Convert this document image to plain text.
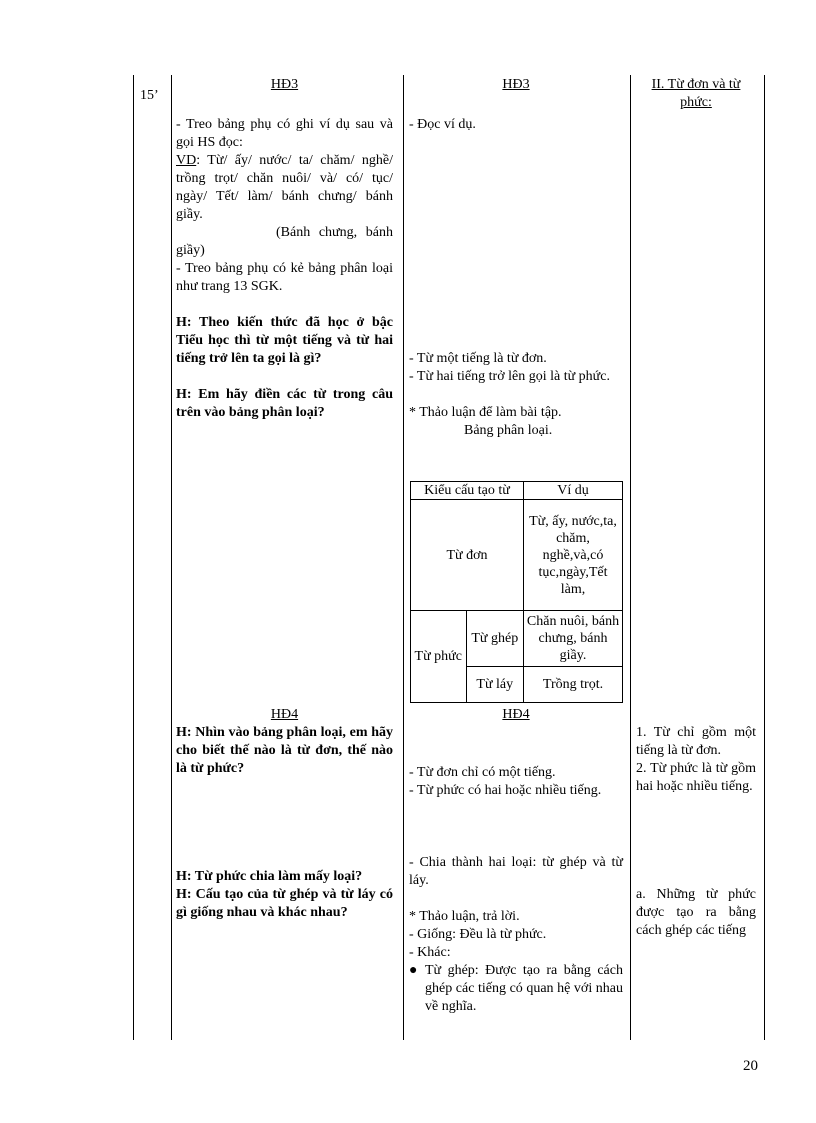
15’

HĐ3

- Treo bảng phụ có ghi ví dụ sau và gọi HS đọc:

VD: Từ/ ấy/ nước/ ta/ chăm/ nghề/ trồng trọt/ chăn nuôi/ và/ có/ tục/ ngày/ Tết/ làm/ bánh chưng/ bánh giầy.

(Bánh chưng, bánh giầy)

- Treo bảng phụ có kẻ bảng phân loại như trang 13 SGK.

H: Theo kiến thức đã học ở bậc Tiểu học thì từ một tiếng và từ hai tiếng trở lên ta gọi là gì?

H: Em hãy điền các từ trong câu trên vào bảng phân loại?

HĐ4

H: Nhìn vào bảng phân loại, em hãy cho biết thế nào là từ đơn, thế nào là từ phức?

H: Từ phức chia làm mấy loại?

H: Cấu tạo của từ ghép và từ láy có gì giống nhau và khác nhau?

HĐ3

- Đọc ví dụ.

- Từ một tiếng là từ đơn.

- Từ hai tiếng trở lên gọi là từ phức.

* Thảo luận để làm bài tập.

Bảng phân loại.

Kiểu cấu tạo từ		Ví dụ
Từ đơn		Từ, ấy, nước,ta, chăm, nghề,và,có tục,ngày,Tết làm,
Từ phức	Từ ghép	Chăn nuôi, bánh chưng, bánh giầy.
	Từ láy	Trồng trọt.

HĐ4

- Từ đơn chỉ có một tiếng.

- Từ phức có hai hoặc nhiều tiếng.

- Chia thành hai loại: từ ghép và từ láy.

* Thảo luận, trả lời.

- Giống: Đều là từ phức.

- Khác:

● Từ ghép: Được tạo ra bằng cách ghép các tiếng có quan hệ với nhau về nghĩa.

II. Từ đơn và từ phức:

1. Từ chỉ gồm một tiếng là từ đơn.

2. Từ phức là từ gồm hai hoặc nhiều tiếng.

a. Những từ phức được tạo ra bằng cách ghép các tiếng

20
